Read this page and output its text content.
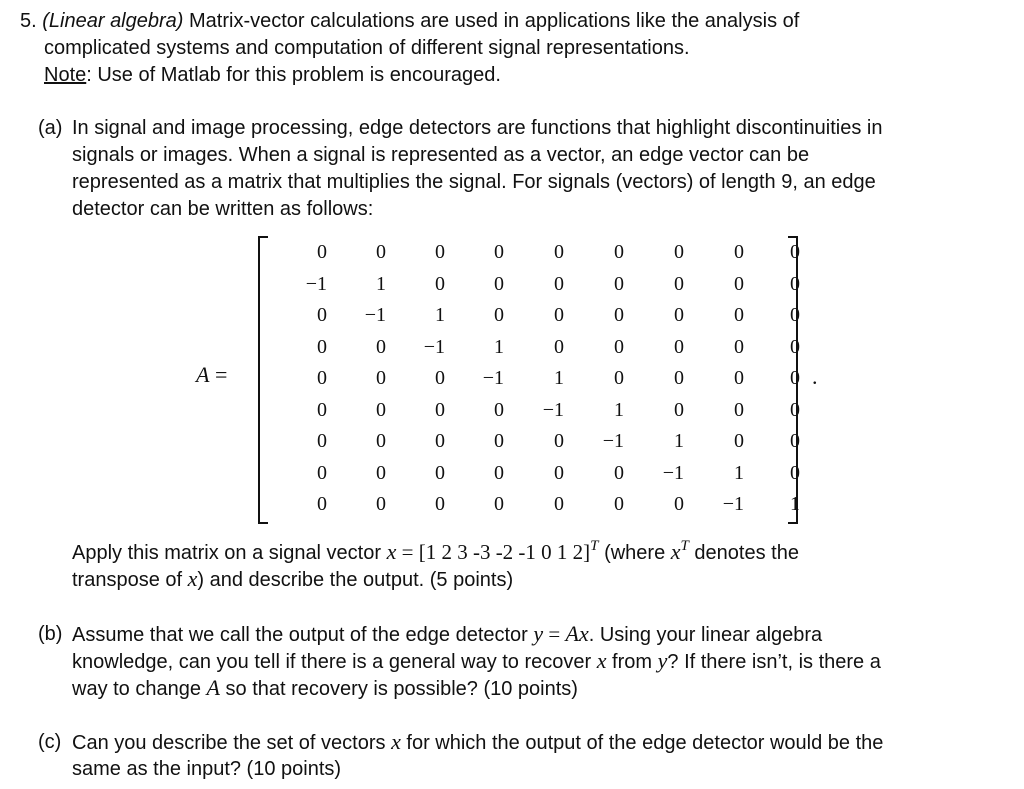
5. (Linear algebra) Matrix-vector calculations are used in applications like the analysis of
complicated systems and computation of different signal representations.
Note: Use of Matlab for this problem is encouraged.
(a) In signal and image processing, edge detectors are functions that highlight discontinuities in
signals or images. When a signal is represented as a vector, an edge vector can be
represented as a matrix that multiplies the signal. For signals (vectors) of length 9, an edge
detector can be written as follows:
A =
0	0	0	0	0	0	0	0	0
−1	1	0	0	0	0	0	0	0
0	−1	1	0	0	0	0	0	0
0	0	−1	1	0	0	0	0	0
0	0	0	−1	1	0	0	0	0
0	0	0	0	−1	1	0	0	0
0	0	0	0	0	−1	1	0	0
0	0	0	0	0	0	−1	1	0
0	0	0	0	0	0	0	−1	1
.
Apply this matrix on a signal vector x = [1 2 3 -3 -2 -1 0 1 2]$^T$ (where $x^T$ denotes the
transpose of x) and describe the output. (5 points)
(b) Assume that we call the output of the edge detector y = Ax. Using your linear algebra
knowledge, can you tell if there is a general way to recover x from y? If there isn’t, is there a
way to change A so that recovery is possible? (10 points)
(c) Can you describe the set of vectors x for which the output of the edge detector would be the
same as the input? (10 points)
